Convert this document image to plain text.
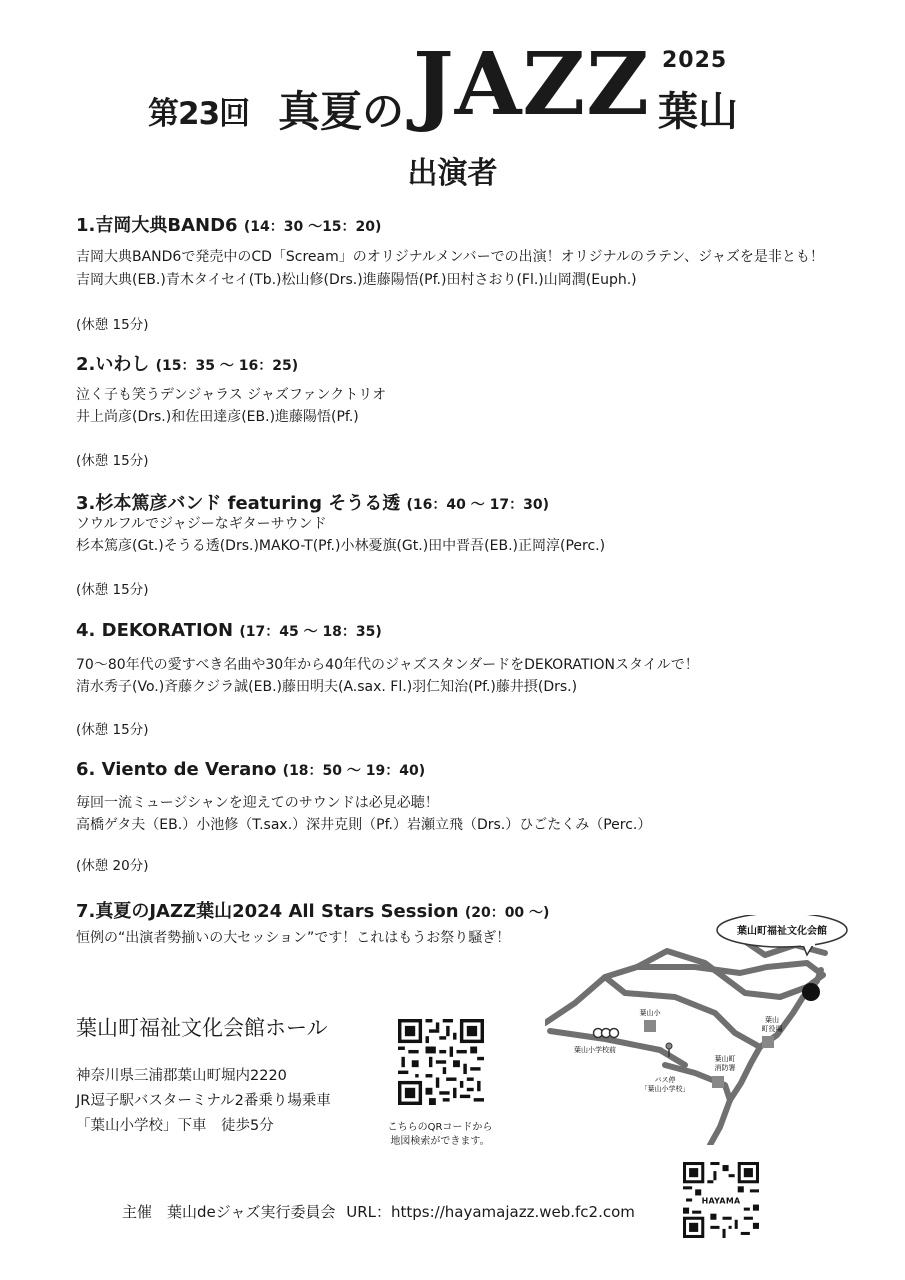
第23回 真夏の JAZZ 2025
葉山
出演者
1.吉岡大典BAND6 (14：30 〜15：20)
吉岡大典BAND6で発売中のCD「Scream」のオリジナルメンバーでの出演！オリジナルのラテン、ジャズを是非とも！
吉岡大典(EB.)青木タイセイ(Tb.)松山修(Drs.)進藤陽悟(Pf.)田村さおり(Fl.)山岡潤(Euph.)
(休憩 15分)
2.いわし (15：35 〜 16：25)
泣く子も笑うデンジャラス ジャズファンクトリオ
井上尚彦(Drs.)和佐田達彦(EB.)進藤陽悟(Pf.)
(休憩 15分)
3.杉本篤彦バンド featuring そうる透 (16：40 〜 17：30)
ソウルフルでジャジーなギターサウンド
杉本篤彦(Gt.)そうる透(Drs.)MAKO-T(Pf.)小林憂旗(Gt.)田中晋吾(EB.)正岡淳(Perc.)
(休憩 15分)
4. DEKORATION (17：45 〜 18：35)
70〜80年代の愛すべき名曲や30年から40年代のジャズスタンダードをDEKORATIONスタイルで！
清水秀子(Vo.)斉藤クジラ誠(EB.)藤田明夫(A.sax. Fl.)羽仁知治(Pf.)藤井摂(Drs.)
(休憩 15分)
6. Viento de Verano (18：50 〜 19：40)
毎回一流ミュージシャンを迎えてのサウンドは必見必聴！
高橋ゲタ夫（EB.）小池修（T.sax.）深井克則（Pf.）岩瀬立飛（Drs.）ひごたくみ（Perc.）
(休憩 20分)
7.真夏のJAZZ葉山2024 All Stars Session (20：00 〜)
恒例の“出演者勢揃いの大セッション”です！これはもうお祭り騒ぎ！
葉山町福祉文化会館ホール
神奈川県三浦郡葉山町堀内2220
JR逗子駅バスターミナル2番乗り場乗車
「葉山小学校」下車　徒歩5分	こちらのQRコードから
地図検索ができます。
葉山町福祉文化会館
葉山小
葉山
町役場
葉山町
消防署
葉山小学校前
バス停
「葉山小学校」
HAYAMA
主催　葉山deジャズ実行委員会 URL：https://hayamajazz.web.fc2.com
